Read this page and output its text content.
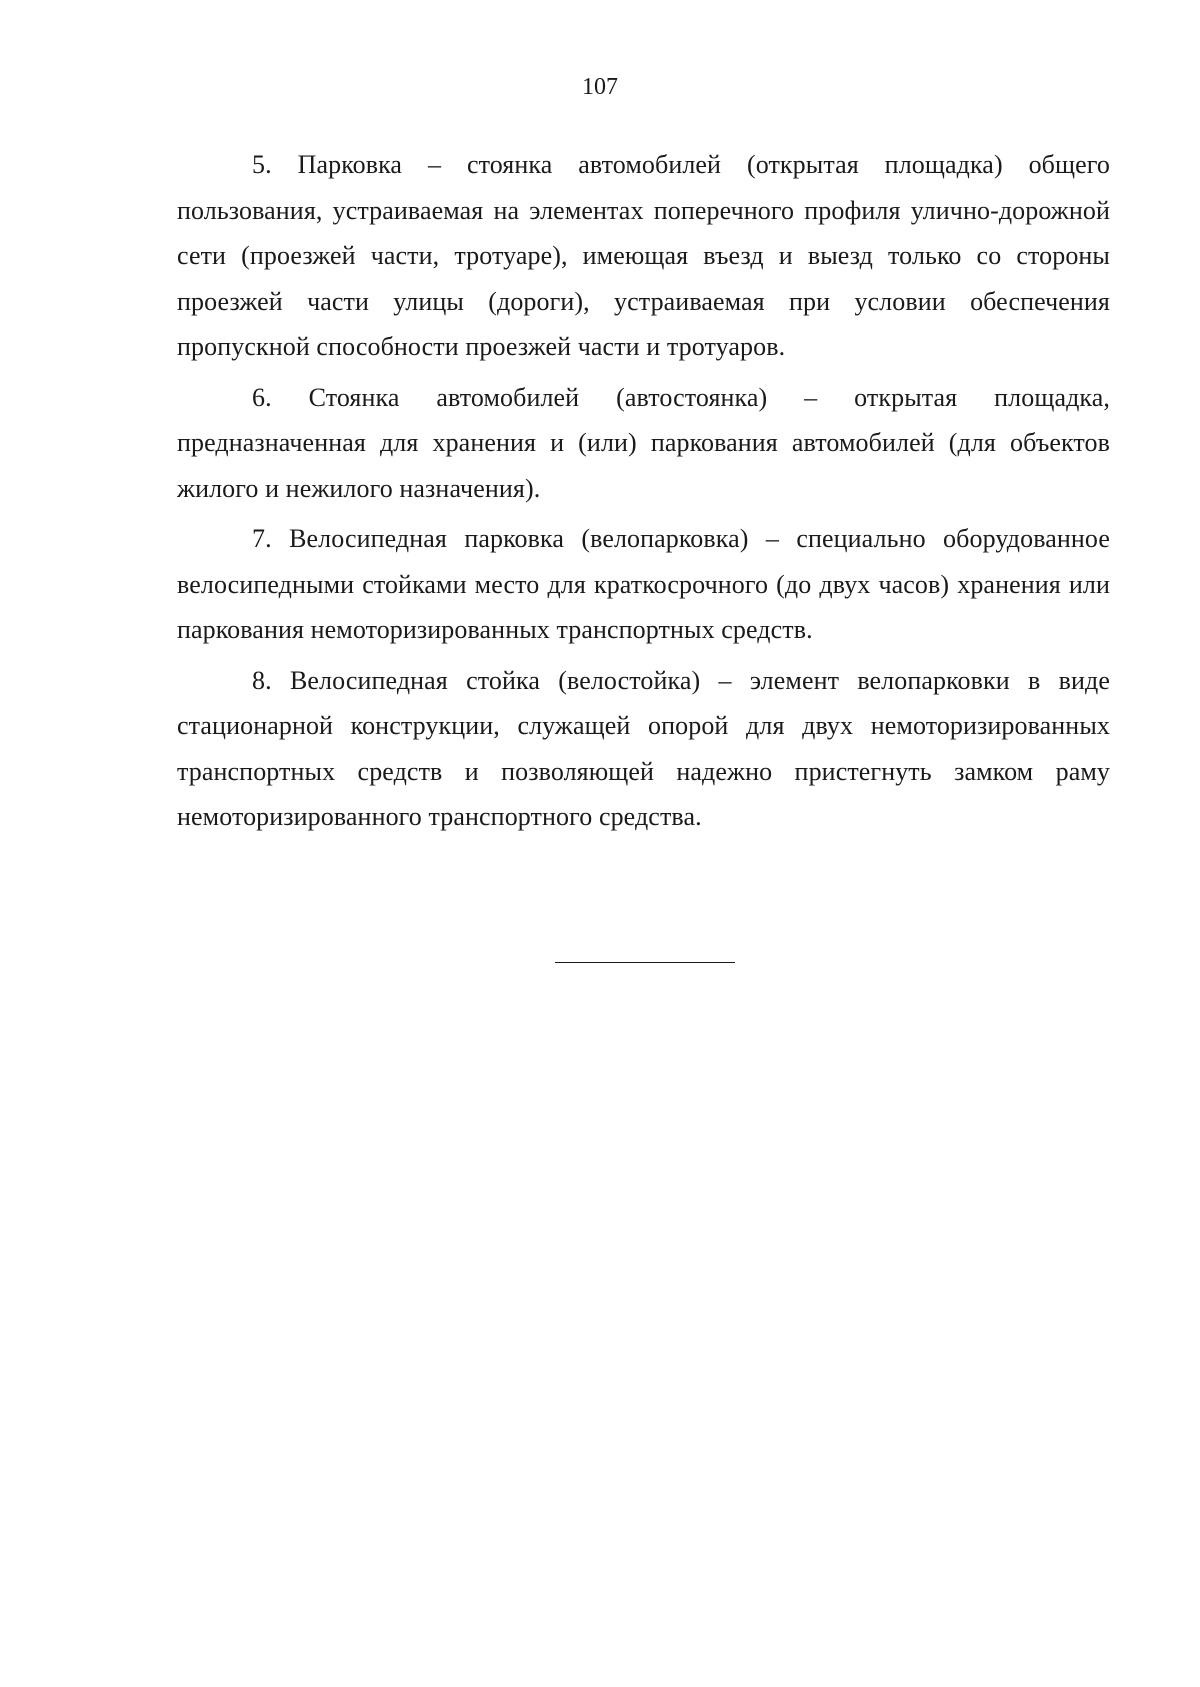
107

5. Парковка – стоянка автомобилей (открытая площадка) общего пользования, устраиваемая на элементах поперечного профиля улично-дорожной сети (проезжей части, тротуаре), имеющая въезд и выезд только со стороны проезжей части улицы (дороги), устраиваемая при условии обеспечения пропускной способности проезжей части и тротуаров.

6. Стоянка автомобилей (автостоянка) – открытая площадка, предназначенная для хранения и (или) паркования автомобилей (для объектов жилого и нежилого назначения).

7. Велосипедная парковка (велопарковка) – специально оборудованное велосипедными стойками место для краткосрочного (до двух часов) хранения или паркования немоторизированных транспортных средств.

8. Велосипедная стойка (велостойка) – элемент велопарковки в виде стационарной конструкции, служащей опорой для двух немоторизированных транспортных средств и позволяющей надежно пристегнуть замком раму немоторизированного транспортного средства.
